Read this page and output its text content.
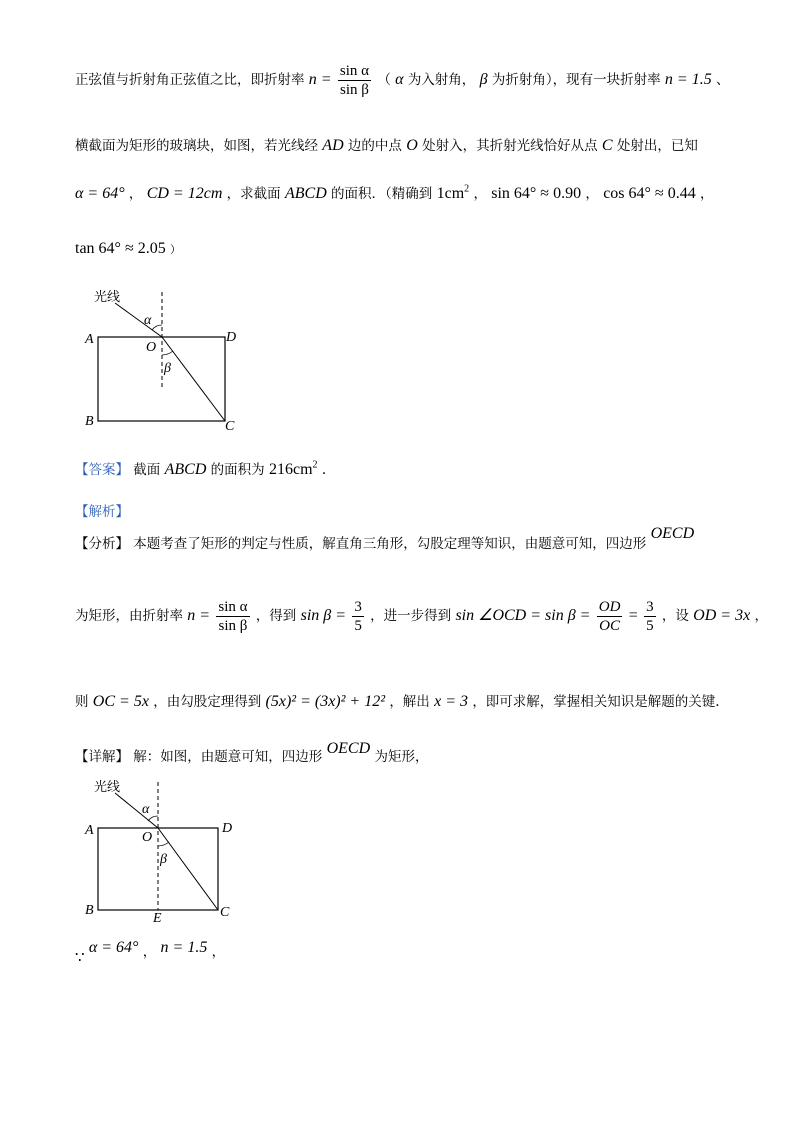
正弦值与折射角正弦值之比，即折射率 $n = \frac{\text{sin α}}{\text{sin β}}$ （ α 为入射角， β 为折射角），现有一块折射率 n = 1.5 、
横截面为矩形的玻璃块，如图，若光线经 AD 边的中点 O 处射入，其折射光线恰好从点 C 处射出，已知
α = 64° ， CD = 12cm ，求截面 ABCD 的面积．（精确到 $1cm^2$ ， sin 64° ≈ 0.90 ， cos 64° ≈ 0.44 ，
tan 64° ≈ 2.05 ）
光线
α
A	D
O
β
B	C
【答案】 截面 ABCD 的面积为 $216cm^2$ .
【解析】
【分析】 本题考查了矩形的判定与性质，解直角三角形，勾股定理等知识，由题意可知，四边形 OECD
为矩形，由折射率 $n = \frac{\text{sin α}}{\text{sin β}}$ ，得到 $\sin \beta = \frac{3}{5}$ ，进一步得到 sin ∠OCD = $\sin \beta = \frac{OD}{OC} = \frac{3}{5}$ ，设 OD = 3x ，
则 OC = 5x ，由勾股定理得到 (5x)² = (3x)² + 12² ，解出 x = 3 ，即可求解，掌握相关知识是解题的关键.
【详解】 解：如图，由题意可知，四边形 OECD 为矩形，
光线
α
A	D
O
β
B
E	C
∵ α = 64° ， n = 1.5 ，
